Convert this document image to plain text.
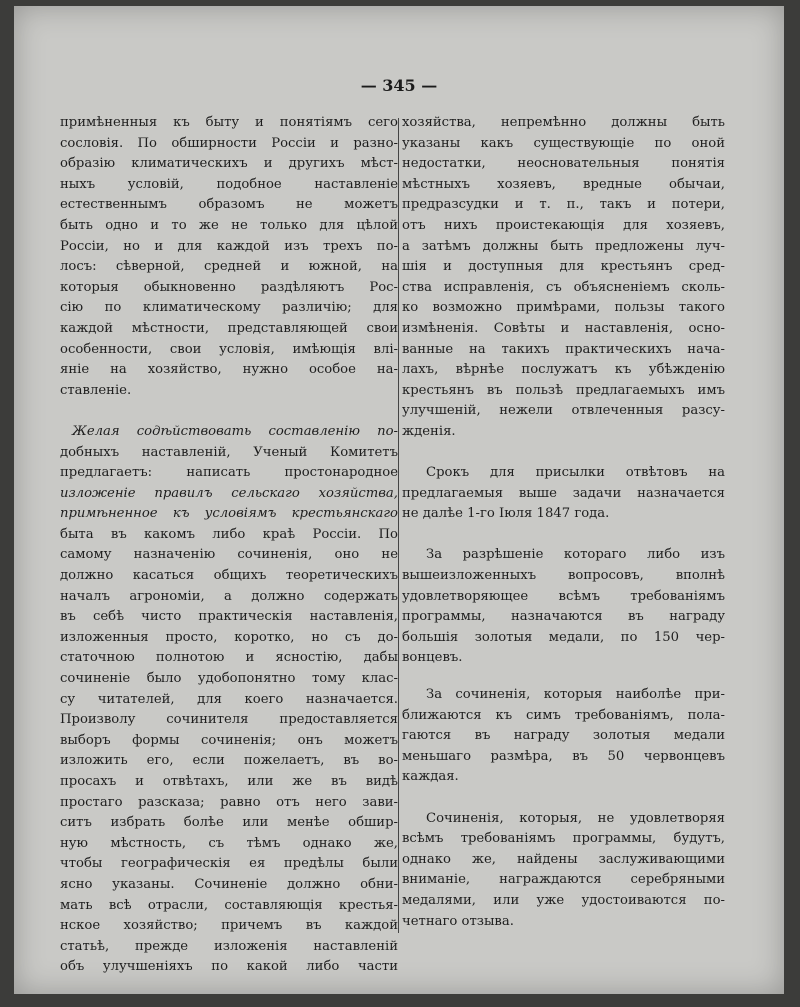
— 345 —
примѣненныя къ быту и понятіямъ сего
сословія. По обширности Россіи и разно-
образію климатическихъ и другихъ мѣст-
ныхъ условій, подобное наставленіе
естественнымъ образомъ не можетъ
быть одно и то же не только для цѣлой
Россіи, но и для каждой изъ трехъ по-
лосъ: сѣверной, средней и южной, на
которыя обыкновенно раздѣляютъ Рос-
сію по климатическому различію; для
каждой мѣстности, представляющей свои
особенности, свои условія, имѣющія влі-
яніе на хозяйство, нужно особое на-
ставленіе.
Желая содѣйствовать составленію по-
добныхъ наставленій, Ученый Комитетъ
предлагаетъ: написать простонародное
изложеніе правилъ сельскаго хозяйства,
примѣненное къ условіямъ крестьянскаго
быта въ какомъ либо краѣ Россіи. По
самому назначенію сочиненія, оно не
должно касаться общихъ теоретическихъ
началъ агрономіи, а должно содержать
въ себѣ чисто практическія наставленія,
изложенныя просто, коротко, но съ до-
статочною полнотою и ясностію, дабы
сочиненіе было удобопонятно тому клас-
су читателей, для коего назначается.
Произволу сочинителя предоставляется
выборъ формы сочиненія; онъ можетъ
изложить его, если пожелаетъ, въ во-
просахъ и отвѣтахъ, или же въ видѣ
простаго разсказа; равно отъ него зави-
ситъ избрать болѣе или менѣе обшир-
ную мѣстность, съ тѣмъ однако же,
чтобы географическія ея предѣлы были
ясно указаны. Сочиненіе должно обни-
мать всѣ отрасли, составляющія крестья-
нское хозяйство; причемъ въ каждой
статьѣ, прежде изложенія наставленій
объ улучшеніяхъ по какой либо части
хозяйства, непремѣнно должны быть
указаны какъ существующіе по оной
недостатки, неосновательныя понятія
мѣстныхъ хозяевъ, вредные обычаи,
предразсудки и т. п., такъ и потери,
отъ нихъ проистекающія для хозяевъ,
а затѣмъ должны быть предложены луч-
шія и доступныя для крестьянъ сред-
ства исправленія, съ объясненіемъ сколь-
ко возможно примѣрами, пользы такого
измѣненія. Совѣты и наставленія, осно-
ванные на такихъ практическихъ нача-
лахъ, вѣрнѣе послужатъ къ убѣжденію
крестьянъ въ пользѣ предлагаемыхъ имъ
улучшеній, нежели отвлеченныя разсу-
жденія.
Срокъ для присылки отвѣтовъ на
предлагаемыя выше задачи назначается
не далѣе 1-го Іюля 1847 года.
За разрѣшеніе котораго либо изъ
вышеизложенныхъ вопросовъ, вполнѣ
удовлетворяющее всѣмъ требованіямъ
программы, назначаются въ награду
большія золотыя медали, по 150 чер-
вонцевъ.
За сочиненія, которыя наиболѣе при-
ближаются къ симъ требованіямъ, пола-
гаются въ награду золотыя медали
меньшаго размѣра, въ 50 червонцевъ
каждая.
Сочиненія, которыя, не удовлетворяя
всѣмъ требованіямъ программы, будутъ,
однако же, найдены заслуживающими
вниманіе, награждаются серебряными
медалями, или уже удостоиваются по-
четнаго отзыва.
